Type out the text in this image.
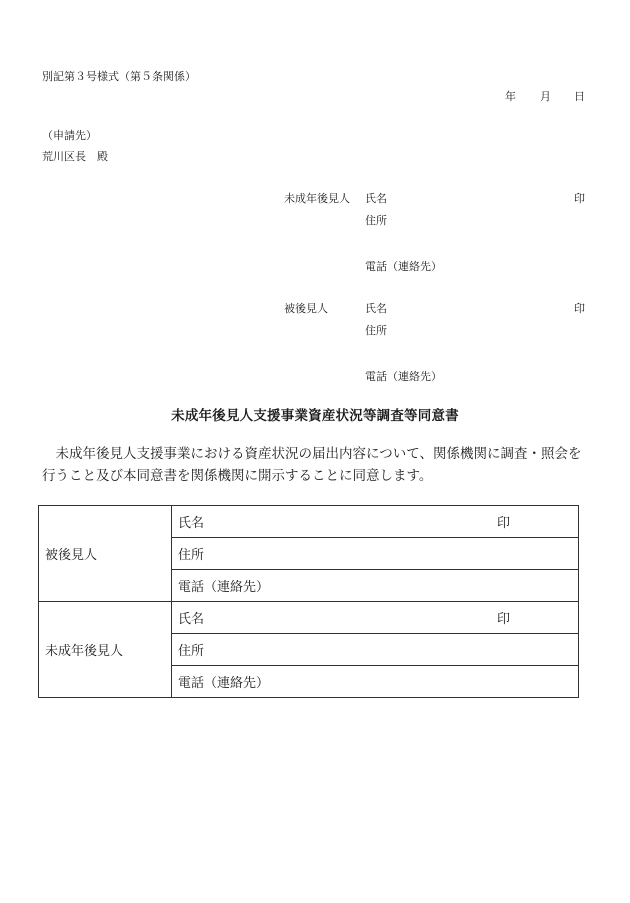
別記第３号様式（第５条関係）
年 月 日
（申請先）
荒川区長　殿
未成年後見人 氏名	印
住所
電話（連絡先）
被後見人	氏名	印
住所
電話（連絡先）
未成年後見人支援事業資産状況等調査等同意書
　未成年後見人支援事業における資産状況の届出内容について、関係機関に調査・照会を行うこと及び本同意書を関係機関に開示することに同意します。
被後見人	氏名 印

	住所
	電話（連絡先）
未成年後見人	氏名 印

	住所
	電話（連絡先）
